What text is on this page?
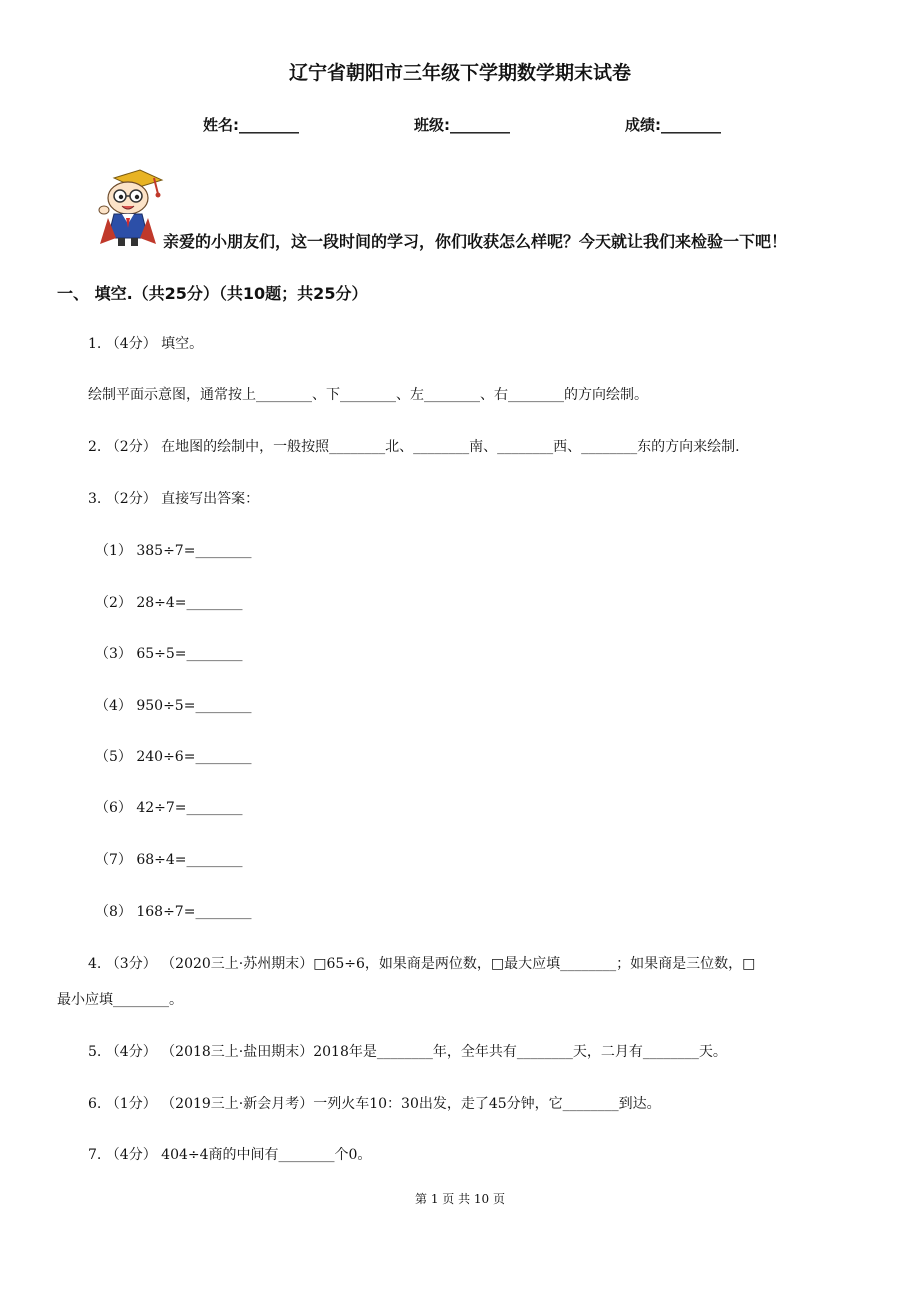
辽宁省朝阳市三年级下学期数学期末试卷
姓名:________	班级:________	成绩:________
亲爱的小朋友们，这一段时间的学习，你们收获怎么样呢？今天就让我们来检验一下吧！
一、 填空.（共25分）（共10题；共25分）
1. （4分） 填空。
绘制平面示意图，通常按上________、下________、左________、右________的方向绘制。
2. （2分） 在地图的绘制中，一般按照________北、________南、________西、________东的方向来绘制.
3. （2分） 直接写出答案：
（1） 385÷7=________
（2） 28÷4=________
（3） 65÷5=________
（4） 950÷5=________
（5） 240÷6=________
（6） 42÷7=________
（7） 68÷4=________
（8） 168÷7=________
4. （3分） （2020三上·苏州期末）□65÷6，如果商是两位数，□最大应填________；如果商是三位数，□
最小应填________。
5. （4分） （2018三上·盐田期末）2018年是________年，全年共有________天，二月有________天。
6. （1分） （2019三上·新会月考）一列火车10：30出发，走了45分钟，它________到达。
7. （4分） 404÷4商的中间有________个0。
第 1 页 共 10 页
